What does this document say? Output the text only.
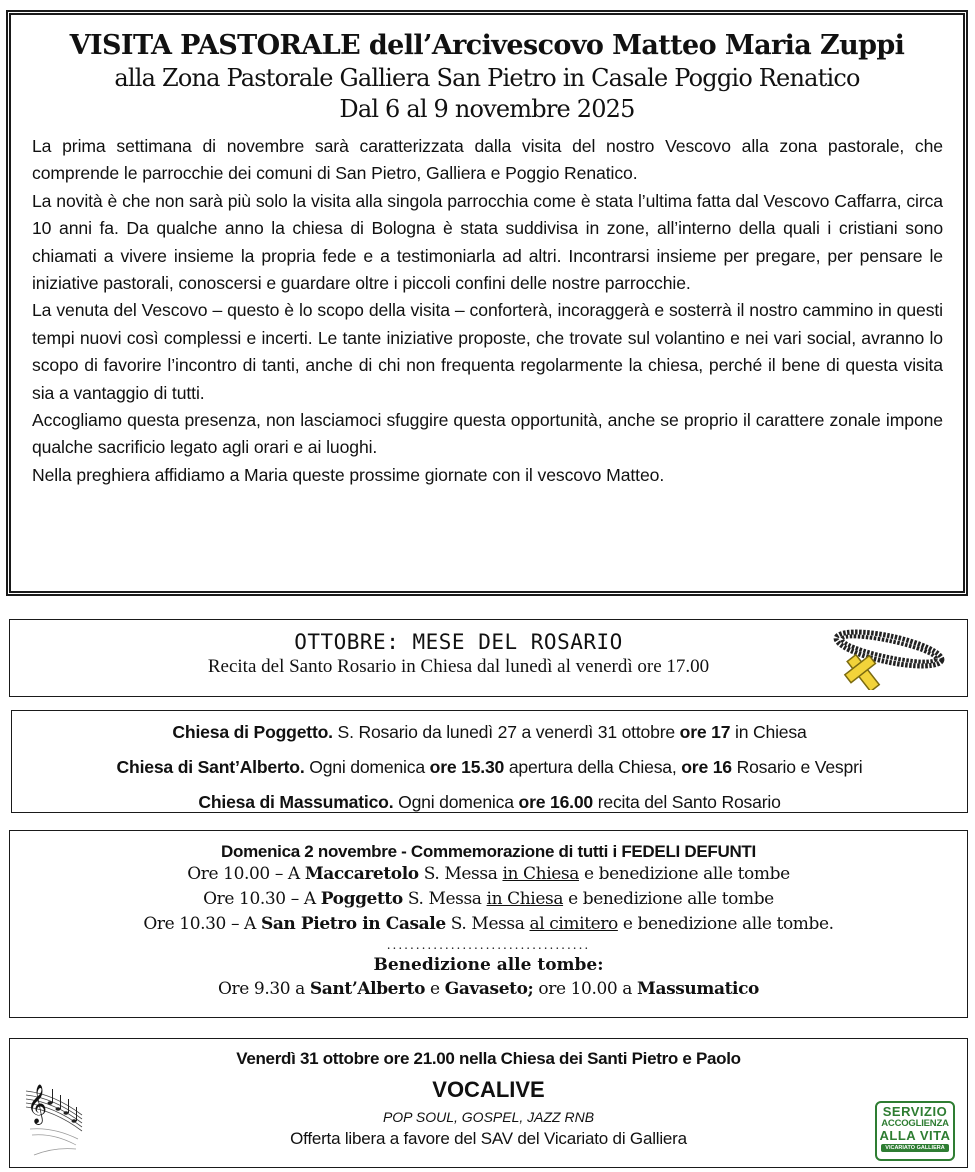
VISITA PASTORALE dell’Arcivescovo Matteo Maria Zuppi
alla Zona Pastorale Galliera San Pietro in Casale Poggio Renatico
Dal 6 al 9 novembre 2025

La prima settimana di novembre sarà caratterizzata dalla visita del nostro Vescovo alla zona pastorale, che comprende le parrocchie dei comuni di San Pietro, Galliera e Poggio Renatico.

La novità è che non sarà più solo la visita alla singola parrocchia come è stata l’ultima fatta dal Vescovo Caffarra, circa 10 anni fa. Da qualche anno la chiesa di Bologna è stata suddivisa in zone, all’interno della quali i cristiani sono chiamati a vivere insieme la propria fede e a testimoniarla ad altri. Incontrarsi insieme per pregare, per pensare le iniziative pastorali, conoscersi e guardare oltre i piccoli confini delle nostre parrocchie.

La venuta del Vescovo – questo è lo scopo della visita – conforterà, incoraggerà e sosterrà il nostro cammino in questi tempi nuovi così complessi e incerti. Le tante iniziative proposte, che trovate sul volantino e nei vari social, avranno lo scopo di favorire l’incontro di tanti, anche di chi non frequenta regolarmente la chiesa, perché il bene di questa visita sia a vantaggio di tutti.

Accogliamo questa presenza, non lasciamoci sfuggire questa opportunità, anche se proprio il carattere zonale impone qualche sacrificio legato agli orari e ai luoghi.

Nella preghiera affidiamo a Maria queste prossime giornate con il vescovo Matteo.

OTTOBRE: MESE DEL ROSARIO
Recita del Santo Rosario in Chiesa dal lunedì al venerdì ore 17.00
Chiesa di Poggetto. S. Rosario da lunedì 27 a venerdì 31 ottobre ore 17 in Chiesa
Chiesa di Sant’Alberto. Ogni domenica ore 15.30 apertura della Chiesa, ore 16 Rosario e Vespri
Chiesa di Massumatico. Ogni domenica ore 16.00 recita del Santo Rosario
Domenica 2 novembre - Commemorazione di tutti i FEDELI DEFUNTI
Ore 10.00 – A Maccaretolo S. Messa in Chiesa e benedizione alle tombe
Ore 10.30 – A Poggetto S. Messa in Chiesa e benedizione alle tombe
Ore 10.30 – A San Pietro in Casale S. Messa al cimitero e benedizione alle tombe.
...................................
Benedizione alle tombe:
Ore 9.30 a Sant’Alberto e Gavaseto; ore 10.00 a Massumatico
𝄞
Venerdì 31 ottobre ore 21.00 nella Chiesa dei Santi Pietro e Paolo
VOCALIVE
POP SOUL, GOSPEL, JAZZ RNB
Offerta libera a favore del SAV del Vicariato di Galliera
SERVIZIO
ACCOGLIENZA
ALLA VITA
VICARIATO GALLIERA
